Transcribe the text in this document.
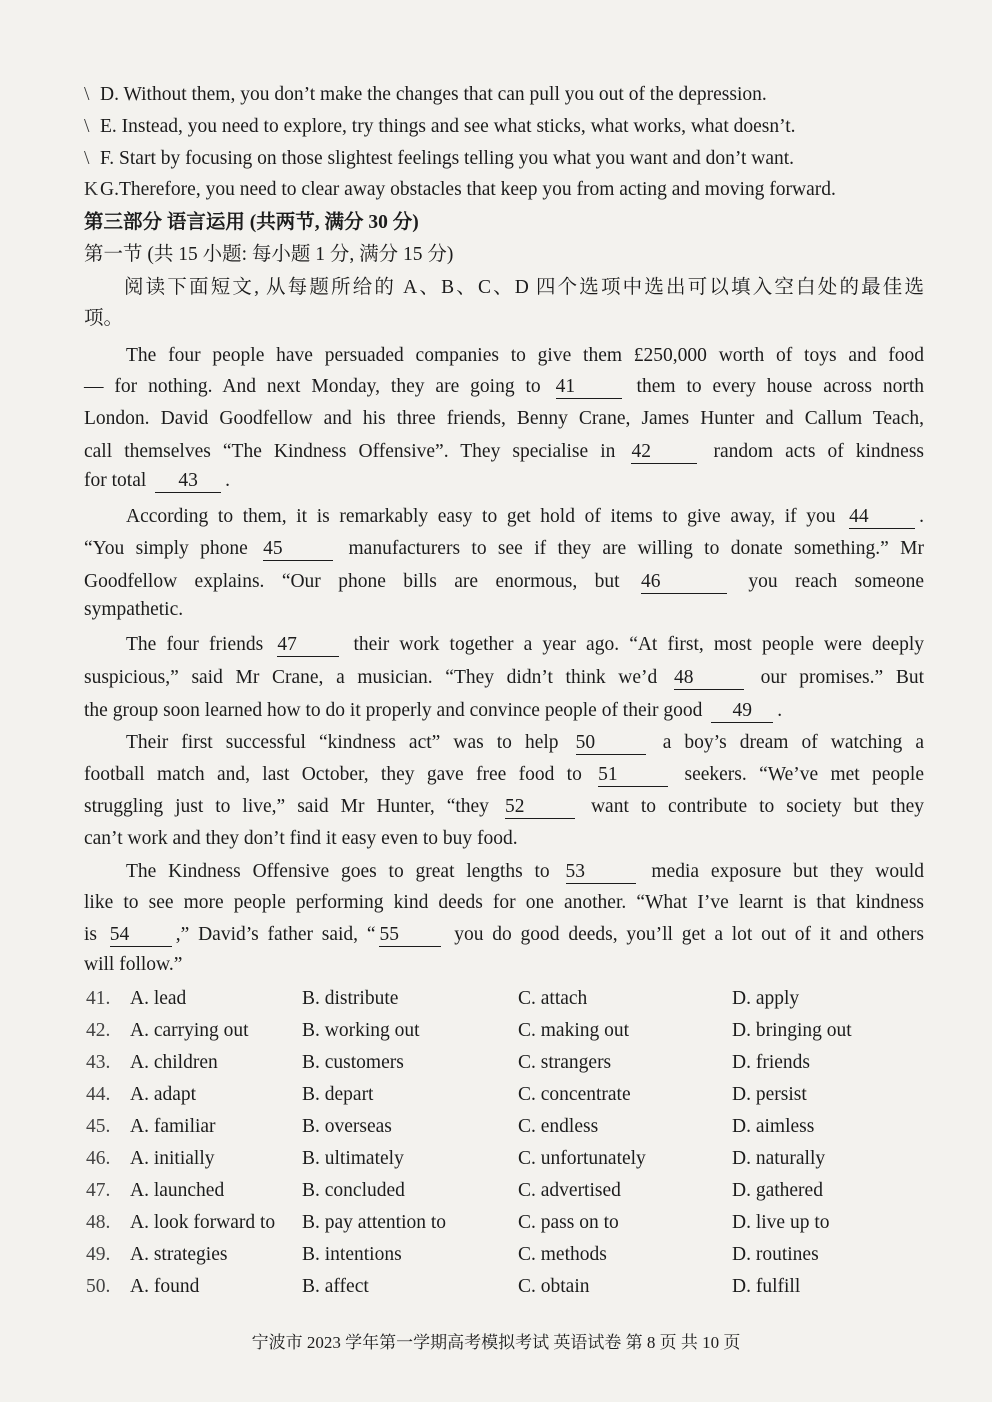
\ D. Without them, you don’t make the changes that can pull you out of the depression.
\ E. Instead, you need to explore, try things and see what sticks, what works, what doesn’t.
\ F. Start by focusing on those slightest feelings telling you what you want and don’t want.
KG.Therefore, you need to clear away obstacles that keep you from acting and moving forward.
第三部分 语言运用 (共两节, 满分 30 分)
第一节 (共 15 小题: 每小题 1 分, 满分 15 分)
阅读下面短文, 从每题所给的 A、B、C、D 四个选项中选出可以填入空白处的最佳选
项。
The four people have persuaded companies to give them £250,000 worth of toys and food
— for nothing. And next Monday, they are going to 41	them to every house across north
London. David Goodfellow and his three friends, Benny Crane, James Hunter and Callum Teach,
call themselves “The Kindness Offensive”. They specialise in 42	random acts of kindness
for total 43 .
According to them, it is remarkably easy to get hold of items to give away, if you 44	.
“You simply phone 45	manufacturers to see if they are willing to donate something.” Mr
Goodfellow explains. “Our phone bills are enormous, but 46	you reach someone
sympathetic.
The four friends 47	their work together a year ago. “At first, most people were deeply
suspicious,” said Mr Crane, a musician. “They didn’t think we’d 48	our promises.” But
the group soon learned how to do it properly and convince people of their good 49 .
Their first successful “kindness act” was to help 50	a boy’s dream of watching a
football match and, last October, they gave free food to 51	seekers. “We’ve met people
struggling just to live,” said Mr Hunter, “they 52	want to contribute to society but they
can’t work and they don’t find it easy even to buy food.
The Kindness Offensive goes to great lengths to 53	media exposure but they would
like to see more people performing kind deeds for one another. “What I’ve learnt is that kindness
is 54 ,” David’s father said, “ 55	you do good deeds, you’ll get a lot out of it and others
will follow.”
41. A. lead	B. distribute	C. attach	D. apply
42. A. carrying out	B. working out	C. making out	D. bringing out
43. A. children	B. customers	C. strangers	D. friends
44. A. adapt	B. depart	C. concentrate	D. persist
45. A. familiar	B. overseas	C. endless	D. aimless
46. A. initially	B. ultimately	C. unfortunately	D. naturally
47. A. launched	B. concluded	C. advertised	D. gathered
48. A. look forward to B. pay attention to	C. pass on to	D. live up to
49. A. strategies	B. intentions	C. methods	D. routines
50. A. found	B. affect	C. obtain	D. fulfill
宁波市 2023 学年第一学期高考模拟考试 英语试卷 第 8 页 共 10 页
